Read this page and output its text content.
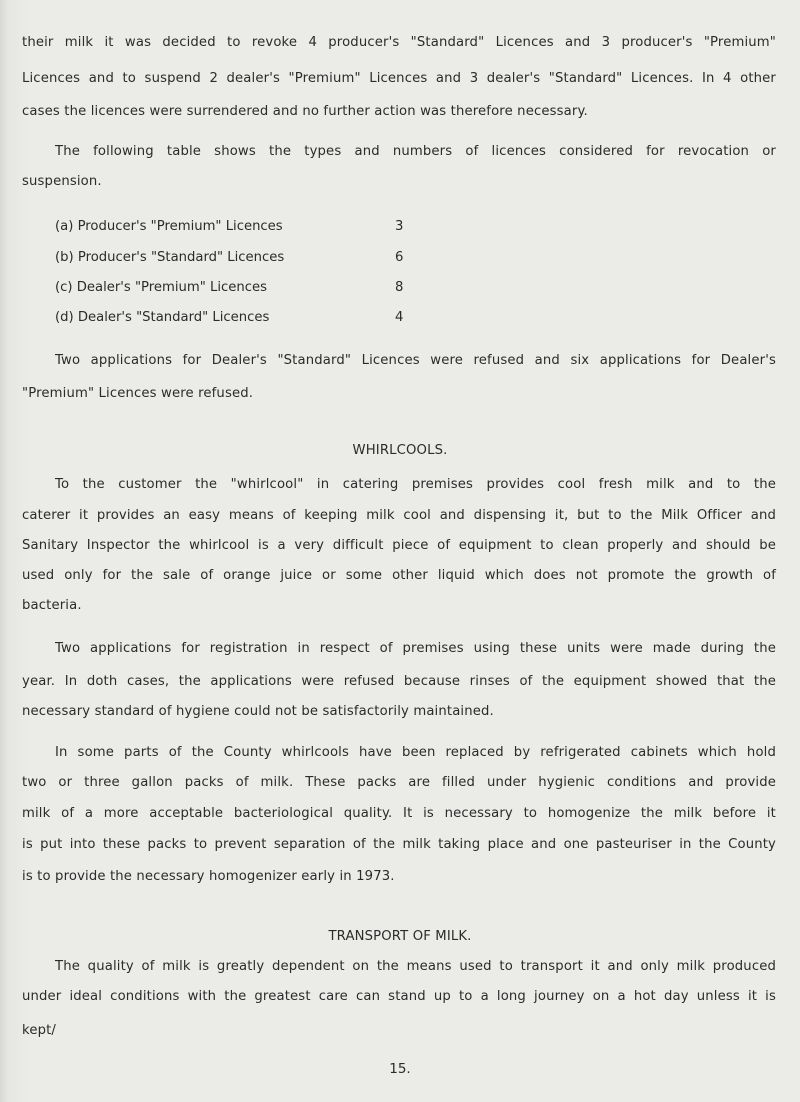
their milk it was decided to revoke 4 producer's "Standard" Licences and 3 producer's "Premium"
Licences and to suspend 2 dealer's "Premium" Licences and 3 dealer's "Standard" Licences. In 4 other
cases the licences were surrendered and no further action was therefore necessary.
The following table shows the types and numbers of licences considered for revocation or
suspension.
(a) Producer's "Premium" Licences	3
(b) Producer's "Standard" Licences	6
(c) Dealer's "Premium" Licences	8
(d) Dealer's "Standard" Licences	4
Two applications for Dealer's "Standard" Licences were refused and six applications for Dealer's
"Premium" Licences were refused.
WHIRLCOOLS.
To the customer the "whirlcool" in catering premises provides cool fresh milk and to the
caterer it provides an easy means of keeping milk cool and dispensing it, but to the Milk Officer and
Sanitary Inspector the whirlcool is a very difficult piece of equipment to clean properly and should be
used only for the sale of orange juice or some other liquid which does not promote the growth of
bacteria.
Two applications for registration in respect of premises using these units were made during the
year. In doth cases, the applications were refused because rinses of the equipment showed that the
necessary standard of hygiene could not be satisfactorily maintained.
In some parts of the County whirlcools have been replaced by refrigerated cabinets which hold
two or three gallon packs of milk. These packs are filled under hygienic conditions and provide
milk of a more acceptable bacteriological quality. It is necessary to homogenize the milk before it
is put into these packs to prevent separation of the milk taking place and one pasteuriser in the County
is to provide the necessary homogenizer early in 1973.
TRANSPORT OF MILK.
The quality of milk is greatly dependent on the means used to transport it and only milk produced
under ideal conditions with the greatest care can stand up to a long journey on a hot day unless it is
kept/
15.
